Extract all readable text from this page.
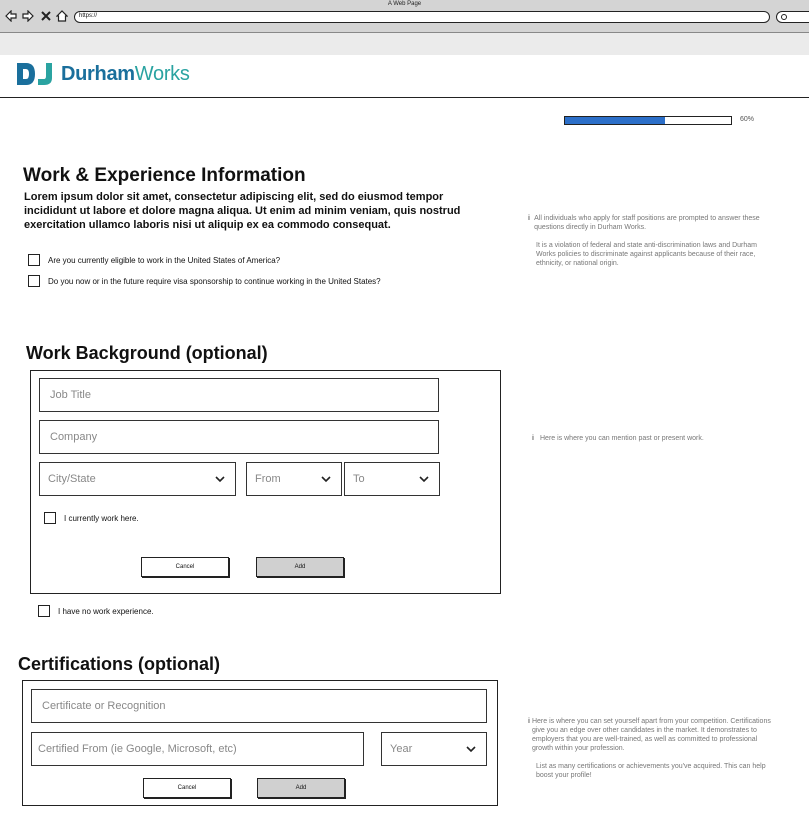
A Web Page
https://
DurhamWorks
60%
Work & Experience Information
Lorem ipsum dolor sit amet, consectetur adipiscing elit, sed do eiusmod tempor incididunt ut labore et dolore magna aliqua. Ut enim ad minim veniam, quis nostrud exercitation ullamco laboris nisi ut aliquip ex ea commodo consequat.
Are you currently eligible to work in the United States of America?
Do you now or in the future require visa sponsorship to continue working in the United States?
i All individuals who apply for staff positions are prompted to answer these questions directly in Durham Works.
It is a violation of federal and state anti-discrimination laws and Durham Works policies to discriminate against applicants because of their race, ethnicity, or national origin.
Work Background (optional)
Job Title
Company
City/State	From	To
I currently work here.
Cancel	Add
I have no work experience.
i Here is where you can mention past or present work.
Certifications (optional)
Certificate or Recognition
Certified From (ie Google, Microsoft, etc)	Year
Cancel	Add
i Here is where you can set yourself apart from your competition. Certifications give you an edge over other candidates in the market. It demonstrates to employers that you are well-trained, as well as committed to professional growth within your profession.
List as many certifications or achievements you've acquired. This can help boost your profile!
